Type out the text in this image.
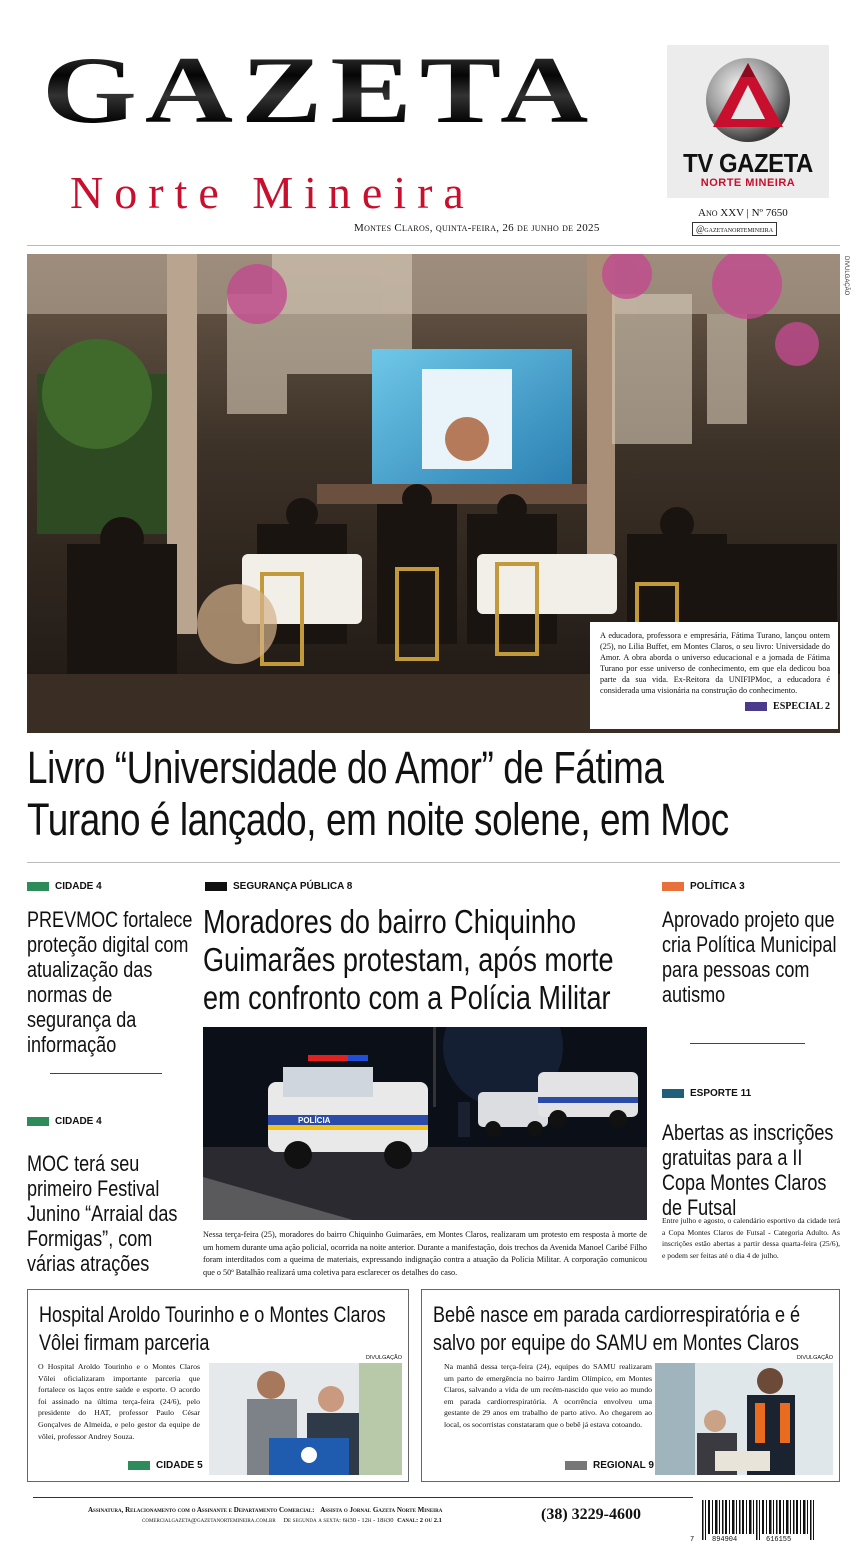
GAZETA
Norte Mineira
Montes Claros, quinta-feira, 26 de junho de 2025
TV GAZETA
NORTE MINEIRA
Ano XXV | Nº 7650
@gazetanortemineira
DIVULGAÇÃO
A educadora, professora e empresária, Fátima Turano, lançou ontem (25), no Lilia Buffet, em Montes Claros, o seu livro: Universidade do Amor. A obra aborda o universo educacional e a jornada de Fátima Turano por esse universo de conhecimento, em que ela dedicou boa parte da sua vida. Ex-Reitora da UNIFIPMoc, a educadora é considerada uma visionária na construção do conhecimento.
ESPECIAL 2
Livro “Universidade do Amor” de Fátima
Turano é lançado, em noite solene, em Moc
CIDADE 4
PREVMOC fortalece proteção digital com atualização das normas de segurança da informação
CIDADE 4
MOC terá seu primeiro Festival Junino “Arraial das Formigas”, com várias atrações
SEGURANÇA PÚBLICA 8
Moradores do bairro Chiquinho Guimarães protestam, após morte em confronto com a Polícia Militar
POLÍCIA
Nessa terça-feira (25), moradores do bairro Chiquinho Guimarães, em Montes Claros, realizaram um protesto em resposta à morte de um homem durante uma ação policial, ocorrida na noite anterior. Durante a manifestação, dois trechos da Avenida Manoel Caribé Filho foram interditados com a queima de materiais, expressando indignação contra a atuação da Polícia Militar. A corporação comunicou que o 50º Batalhão realizará uma coletiva para esclarecer os detalhes do caso.
POLÍTICA 3
Aprovado projeto que cria Política Municipal para pessoas com autismo
ESPORTE 11
Abertas as inscrições gratuitas para a II Copa Montes Claros de Futsal
Entre julho e agosto, o calendário esportivo da cidade terá a Copa Montes Claros de Futsal - Categoria Adulto. As inscrições estão abertas a partir dessa quarta-feira (25/6), e podem ser feitas até o dia 4 de julho.
Hospital Aroldo Tourinho e o Montes Claros Vôlei firmam parceria
O Hospital Aroldo Tourinho e o Montes Claros Vôlei oficializaram importante parceria que fortalece os laços entre saúde e esporte. O acordo foi assinado na última terça-feira (24/6), pelo presidente do HAT, professor Paulo César Gonçalves de Almeida, e pelo gestor da equipe de vôlei, professor Andrey Souza.
DIVULGAÇÃO
CIDADE 5
Bebê nasce em parada cardiorrespiratória e é salvo por equipe do SAMU em Montes Claros
Na manhã dessa terça-feira (24), equipes do SAMU realizaram um parto de emergência no bairro Jardim Olímpico, em Montes Claros, salvando a vida de um recém-nascido que veio ao mundo em parada cardiorrespiratória. A ocorrência envolveu uma gestante de 29 anos em trabalho de parto ativo. Ao chegarem ao local, os socorristas constataram que o bebê já estava cotoando.
DIVULGAÇÃO
REGIONAL 9
Assinatura, Relacionamento com o Assinante e Departamento Comercial: Assista o Jornal Gazeta Norte Mineira
comercialgazeta@gazetanortemineira.com.br De segunda a sexta: 6h30 - 12h - 18h30 Canal: 2 ou 2.1	(38) 3229-4600
7	894904	616155
